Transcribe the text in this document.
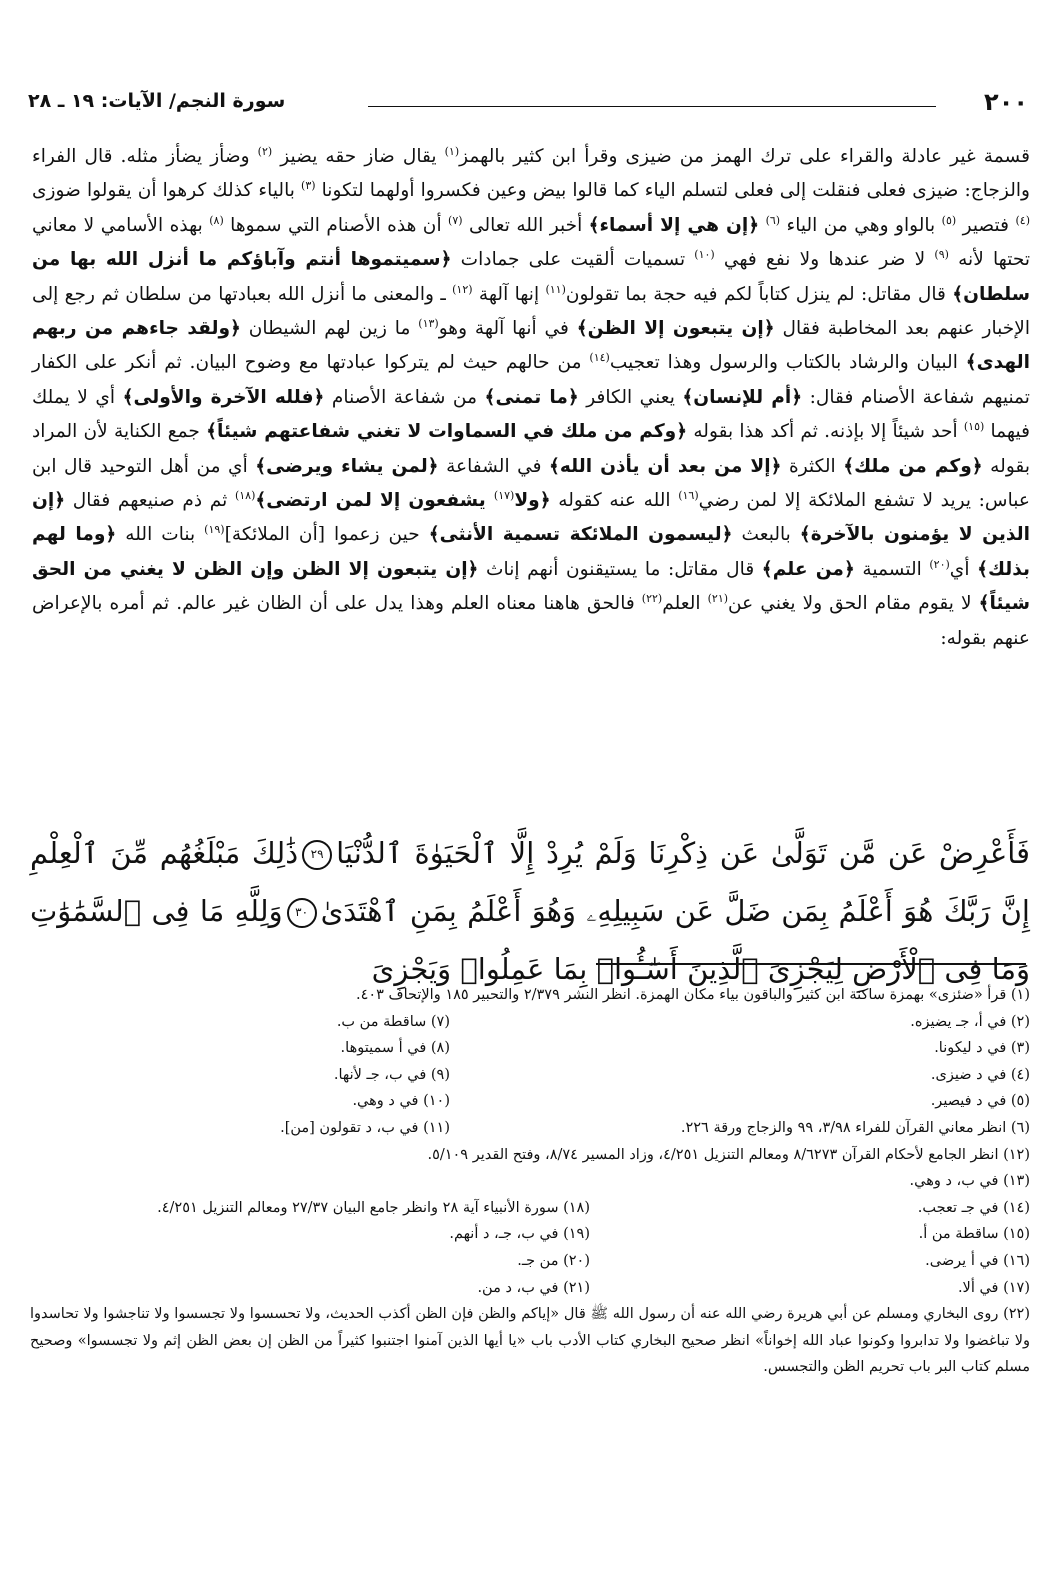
٢٠٠
سورة النجم/ الآيات: ١٩ ـ ٢٨

قسمة غير عادلة والقراء على ترك الهمز من ضيزى وقرأ ابن كثير بالهمز$^{(١)}$ يقال ضاز حقه يضيز $^{(٢)}$ وضأز يضأز مثله. قال الفراء والزجاج: ضيزى فعلى فنقلت إلى فعلى لتسلم الياء كما قالوا بيض وعين فكسروا أولهما لتكونا $^{(٣)}$ بالياء كذلك كرهوا أن يقولوا ضوزى $^{(٤)}$ فتصير $^{(٥)}$ بالواو وهي من الياء $^{(٦)}$ ﴿إن هي إلا أسماء﴾ أخبر الله تعالى $^{(٧)}$ أن هذه الأصنام التي سموها $^{(٨)}$ بهذه الأسامي لا معاني تحتها لأنه $^{(٩)}$ لا ضر عندها ولا نفع فهي $^{(١٠)}$ تسميات ألقيت على جمادات ﴿سميتموها أنتم وآباؤكم ما أنزل الله بها من سلطان﴾ قال مقاتل: لم ينزل كتاباً لكم فيه حجة بما تقولون$^{(١١)}$ إنها آلهة $^{(١٢)}$ ـ والمعنى ما أنزل الله بعبادتها من سلطان ثم رجع إلى الإخبار عنهم بعد المخاطبة فقال ﴿إن يتبعون إلا الظن﴾ في أنها آلهة وهو$^{(١٣)}$ ما زين لهم الشيطان ﴿ولقد جاءهم من ربهم الهدى﴾ البيان والرشاد بالكتاب والرسول وهذا تعجيب$^{(١٤)}$ من حالهم حيث لم يتركوا عبادتها مع وضوح البيان. ثم أنكر على الكفار تمنيهم شفاعة الأصنام فقال: ﴿أم للإنسان﴾ يعني الكافر ﴿ما تمنى﴾ من شفاعة الأصنام ﴿فلله الآخرة والأولى﴾ أي لا يملك فيهما $^{(١٥)}$ أحد شيئاً إلا بإذنه. ثم أكد هذا بقوله ﴿وكم من ملك في السماوات لا تغني شفاعتهم شيئاً﴾ جمع الكناية لأن المراد بقوله ﴿وكم من ملك﴾ الكثرة ﴿إلا من بعد أن يأذن الله﴾ في الشفاعة ﴿لمن يشاء ويرضى﴾ أي من أهل التوحيد قال ابن عباس: يريد لا تشفع الملائكة إلا لمن رضي$^{(١٦)}$ الله عنه كقوله ﴿ولا$^{(١٧)}$ يشفعون إلا لمن ارتضى﴾$^{(١٨)}$ ثم ذم صنيعهم فقال ﴿إن الذين لا يؤمنون بالآخرة﴾ بالبعث ﴿ليسمون الملائكة تسمية الأنثى﴾ حين زعموا [أن الملائكة]$^{(١٩)}$ بنات الله ﴿وما لهم بذلك﴾ أي$^{(٢٠)}$ التسمية ﴿من علم﴾ قال مقاتل: ما يستيقنون أنهم إناث ﴿إن يتبعون إلا الظن وإن الظن لا يغني من الحق شيئاً﴾ لا يقوم مقام الحق ولا يغني عن$^{(٢١)}$ العلم$^{(٢٢)}$ فالحق هاهنا معناه العلم وهذا يدل على أن الظان غير عالم. ثم أمره بالإعراض عنهم بقوله:

فَأَعْرِضْ عَن مَّن تَوَلَّىٰ عَن ذِكْرِنَا وَلَمْ يُرِدْ إِلَّا ٱلْحَيَوٰةَ ٱلدُّنْيَا٢٩ذَٰلِكَ مَبْلَغُهُم مِّنَ ٱلْعِلْمِ إِنَّ رَبَّكَ هُوَ أَعْلَمُ بِمَن ضَلَّ عَن سَبِيلِهِۦ وَهُوَ أَعْلَمُ بِمَنِ ٱهْتَدَىٰ٣٠وَلِلَّهِ مَا فِى ٱلسَّمَٰوَٰتِ وَمَا فِى ٱلْأَرْضِ لِيَجْزِىَ ٱلَّذِينَ أَسَٰٓـُٔوا۟ بِمَا عَمِلُوا۟ وَيَجْزِىَ

(١) قرأ «ضئزى» بهمزة ساكنة ابن كثير والباقون بياء مكان الهمزة. انظر النشر ٢/٣٧٩ والتحبير ١٨٥ والإتحاف ٤٠٣.
(٢) في أ، جـ يضيزه.
(٧) ساقطة من ب.
(٣) في د ليكونا.
(٨) في أ سميتوها.
(٤) في د ضيزى.
(٩) في ب، جـ لأنها.
(٥) في د فيصير.
(١٠) في د وهي.
(٦) انظر معاني القرآن للفراء ٣/٩٨، ٩٩ والزجاج ورقة ٢٢٦.
(١١) في ب، د تقولون [من].
(١٢) انظر الجامع لأحكام القرآن ٨/٦٢٧٣ ومعالم التنزيل ٤/٢٥١، وزاد المسير ٨/٧٤، وفتح القدير ٥/١٠٩.
(١٣) في ب، د وهي.
(١٤) في جـ تعجب.
(١٨) سورة الأنبياء آية ٢٨ وانظر جامع البيان ٢٧/٣٧ ومعالم التنزيل ٤/٢٥١.
(١٥) ساقطة من أ.
(١٩) في ب، جـ، د أنهم.
(١٦) في أ يرضى.
(٢٠) من جـ.
(١٧) في ألا.
(٢١) في ب، د من.

(٢٢) روى البخاري ومسلم عن أبي هريرة رضي الله عنه أن رسول الله ﷺ قال «إياكم والظن فإن الظن أكذب الحديث، ولا تحسسوا ولا تجسسوا ولا تناجشوا ولا تحاسدوا ولا تباغضوا ولا تدابروا وكونوا عباد الله إخواناً» انظر صحيح البخاري كتاب الأدب باب «يا أيها الذين آمنوا اجتنبوا كثيراً من الظن إن بعض الظن إثم ولا تجسسوا» وصحيح مسلم كتاب البر باب تحريم الظن والتجسس.
